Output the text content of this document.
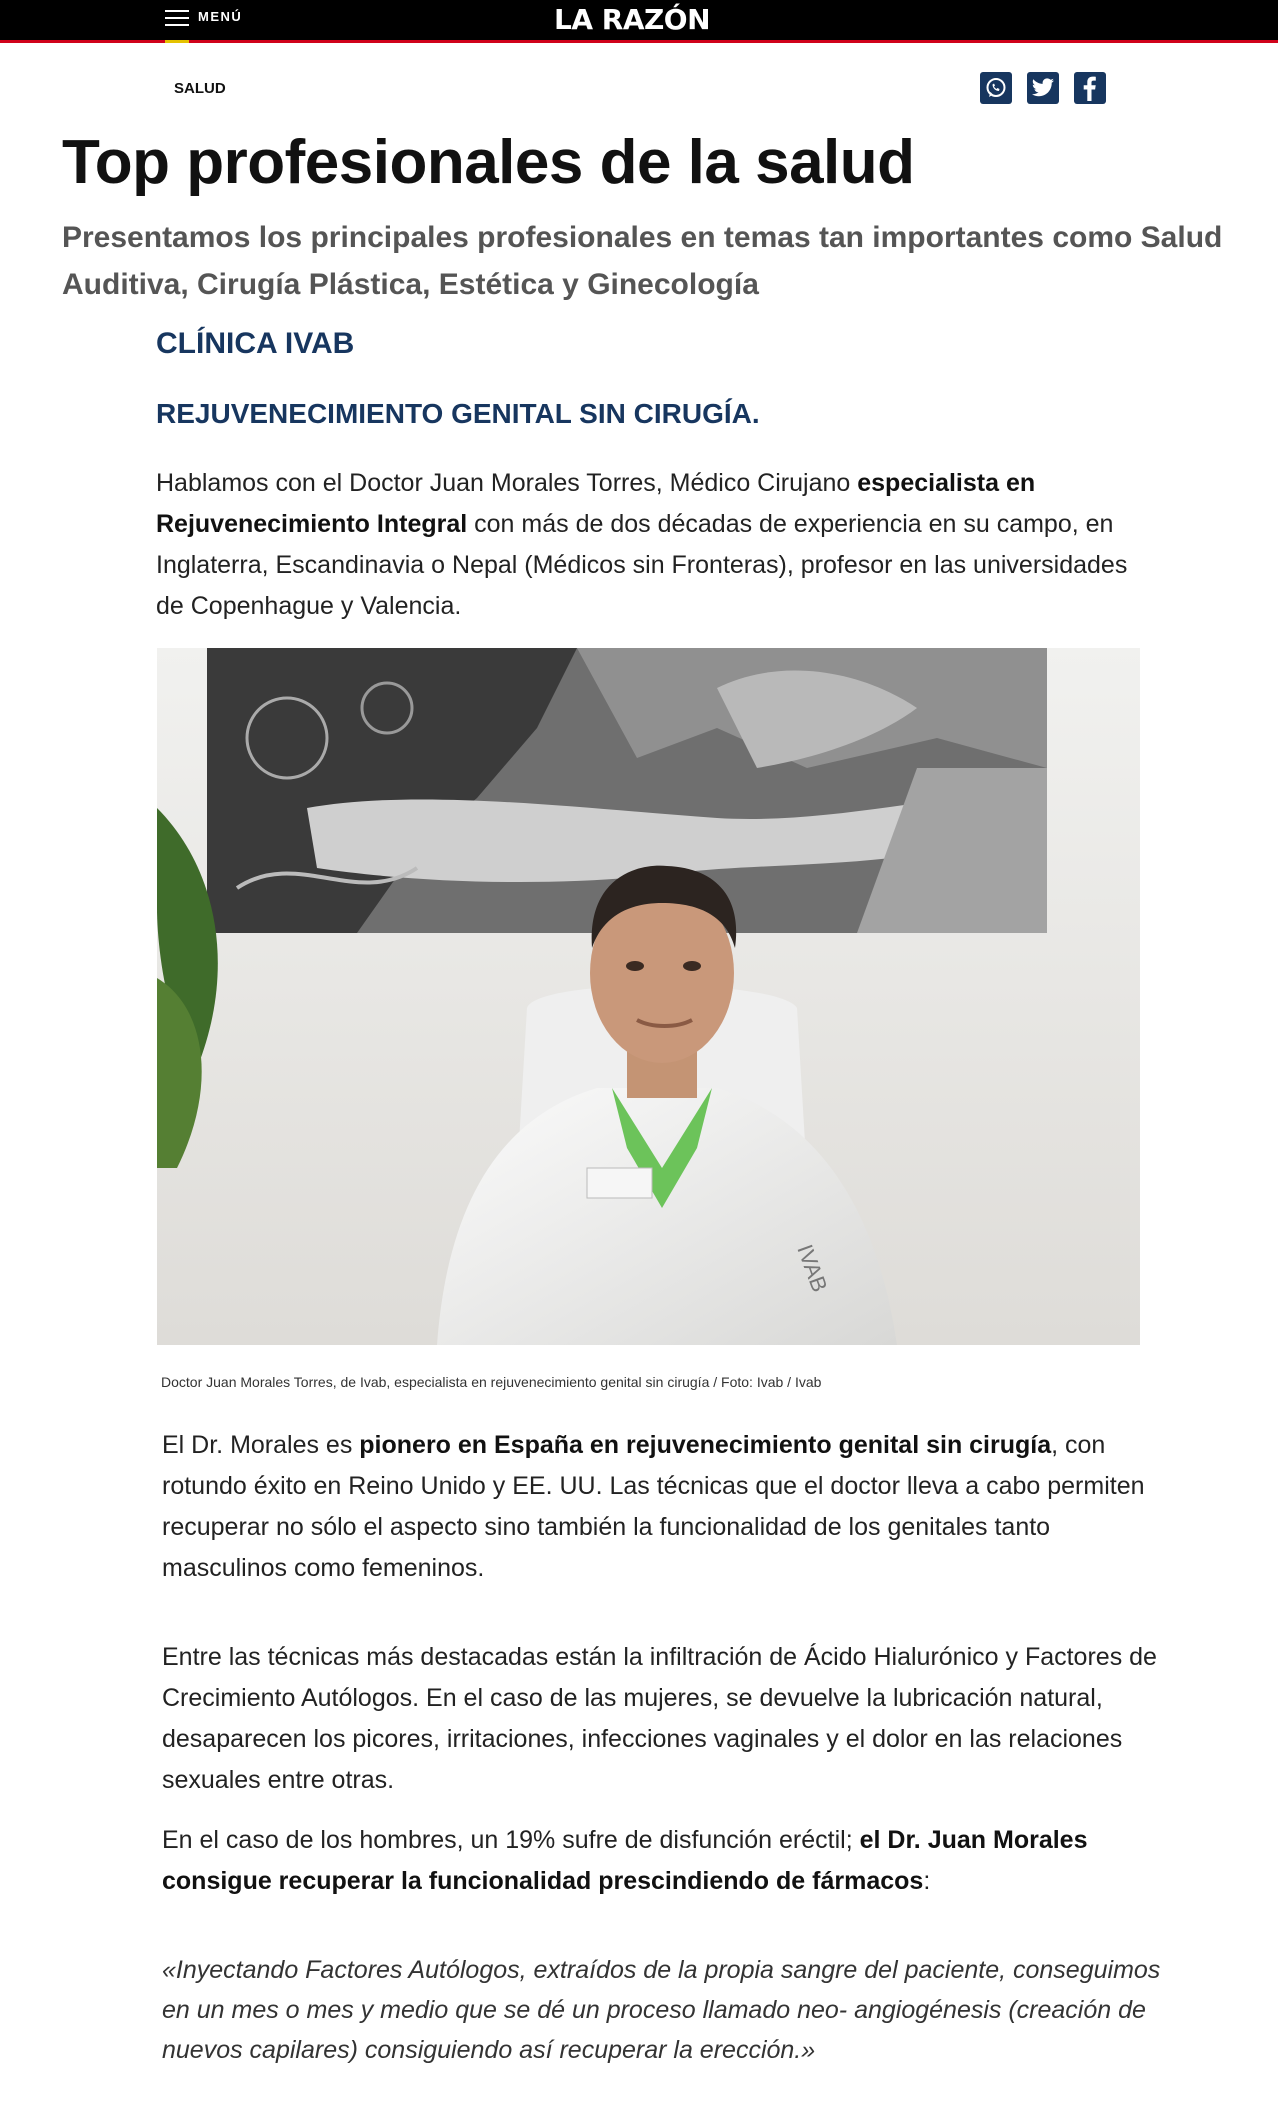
MENÚ	LA RAZÓN
SALUD
Top profesionales de la salud

Presentamos los principales profesionales en temas tan importantes como Salud Auditiva, Cirugía Plástica, Estética y Ginecología

CLÍNICA IVAB
REJUVENECIMIENTO GENITAL SIN CIRUGÍA.

Hablamos con el Doctor Juan Morales Torres, Médico Cirujano especialista en Rejuvenecimiento Integral con más de dos décadas de experiencia en su campo, en Inglaterra, Escandinavia o Nepal (Médicos sin Fronteras), profesor en las universidades de Copenhague y Valencia.

IVAB
Doctor Juan Morales Torres, de Ivab, especialista en rejuvenecimiento genital sin cirugía / Foto: Ivab / Ivab

El Dr. Morales es pionero en España en rejuvenecimiento genital sin cirugía, con rotundo éxito en Reino Unido y EE. UU. Las técnicas que el doctor lleva a cabo permiten recuperar no sólo el aspecto sino también la funcionalidad de los genitales tanto masculinos como femeninos.

Entre las técnicas más destacadas están la infiltración de Ácido Hialurónico y Factores de Crecimiento Autólogos. En el caso de las mujeres, se devuelve la lubricación natural, desaparecen los picores, irritaciones, infecciones vaginales y el dolor en las relaciones sexuales entre otras.

En el caso de los hombres, un 19% sufre de disfunción eréctil; el Dr. Juan Morales consigue recuperar la funcionalidad prescindiendo de fármacos:

«Inyectando Factores Autólogos, extraídos de la propia sangre del paciente, conseguimos en un mes o mes y medio que se dé un proceso llamado neo- angiogénesis (creación de nuevos capilares) consiguiendo así recuperar la erección.»
